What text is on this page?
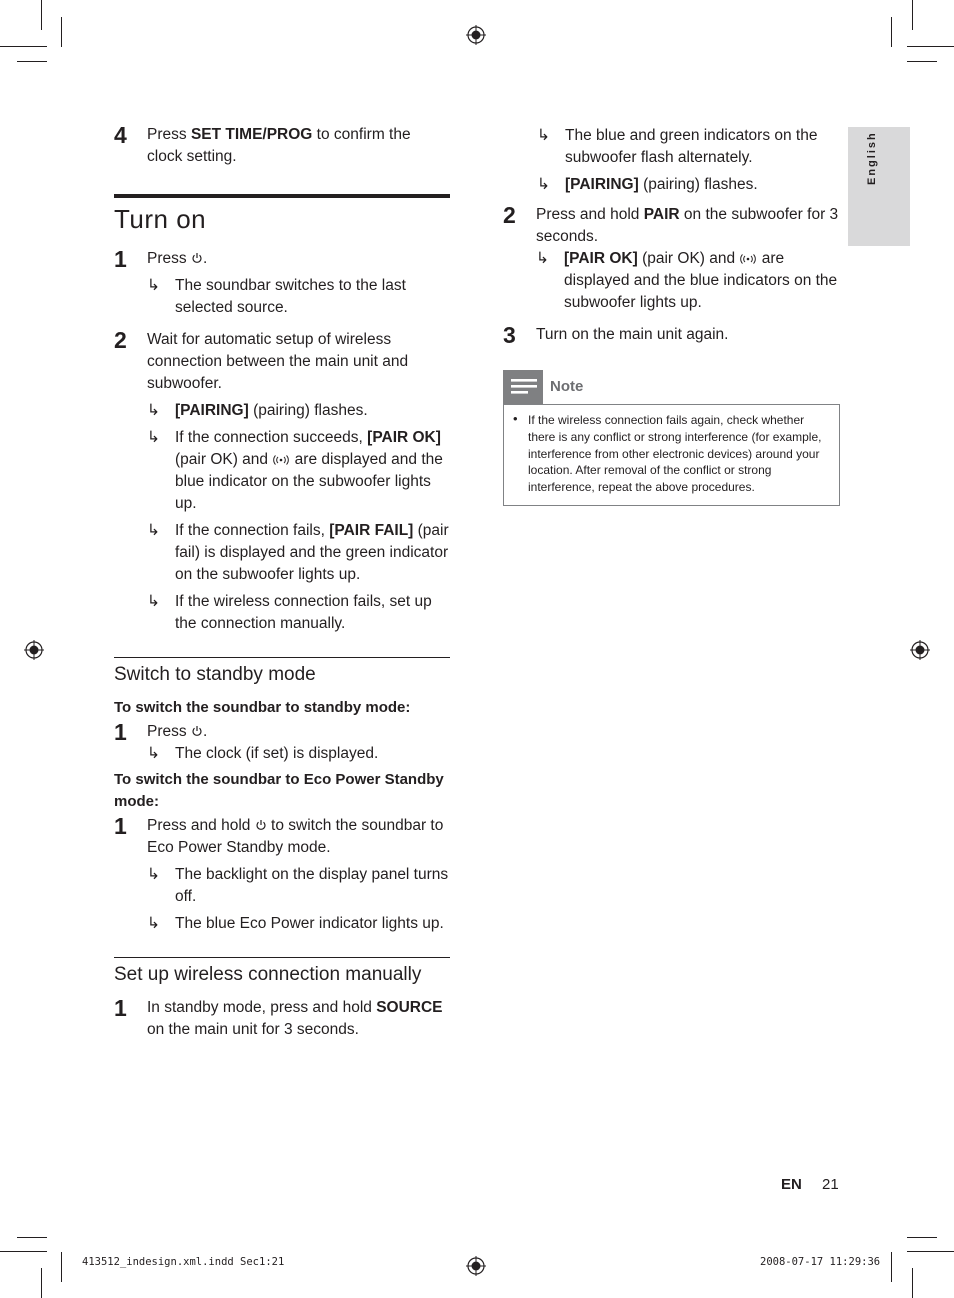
English
4 Press SET TIME/PROG to confirm the clock setting.
Turn on
1 Press .
↳ The soundbar switches to the last selected source.
2 Wait for automatic setup of wireless connection between the main unit and subwoofer.
↳ [PAIRING] (pairing) flashes.
↳ If the connection succeeds, [PAIR OK] (pair OK) and  are displayed and the blue indicator on the subwoofer lights up.
↳ If the connection fails, [PAIR FAIL] (pair fail) is displayed and the green indicator on the subwoofer lights up.
↳ If the wireless connection fails, set up the connection manually.
Switch to standby mode
To switch the soundbar to standby mode:
1 Press .
↳ The clock (if set) is displayed.
To switch the soundbar to Eco Power Standby mode:
1 Press and hold  to switch the soundbar to Eco Power Standby mode.
↳ The backlight on the display panel turns off.
↳ The blue Eco Power indicator lights up.
Set up wireless connection manually
1 In standby mode, press and hold SOURCE on the main unit for 3 seconds.
↳ The blue and green indicators on the subwoofer flash alternately.
↳ [PAIRING] (pairing) flashes.
2 Press and hold PAIR on the subwoofer for 3 seconds.
↳ [PAIR OK] (pair OK) and  are displayed and the blue indicators on the subwoofer lights up.
3 Turn on the main unit again.
Note
• If the wireless connection fails again, check whether there is any conflict or strong interference (for example, interference from other electronic devices) around your location. After removal of the conflict or strong interference, repeat the above procedures.
EN 21
413512_indesign.xml.indd Sec1:21	2008-07-17 11:29:36
